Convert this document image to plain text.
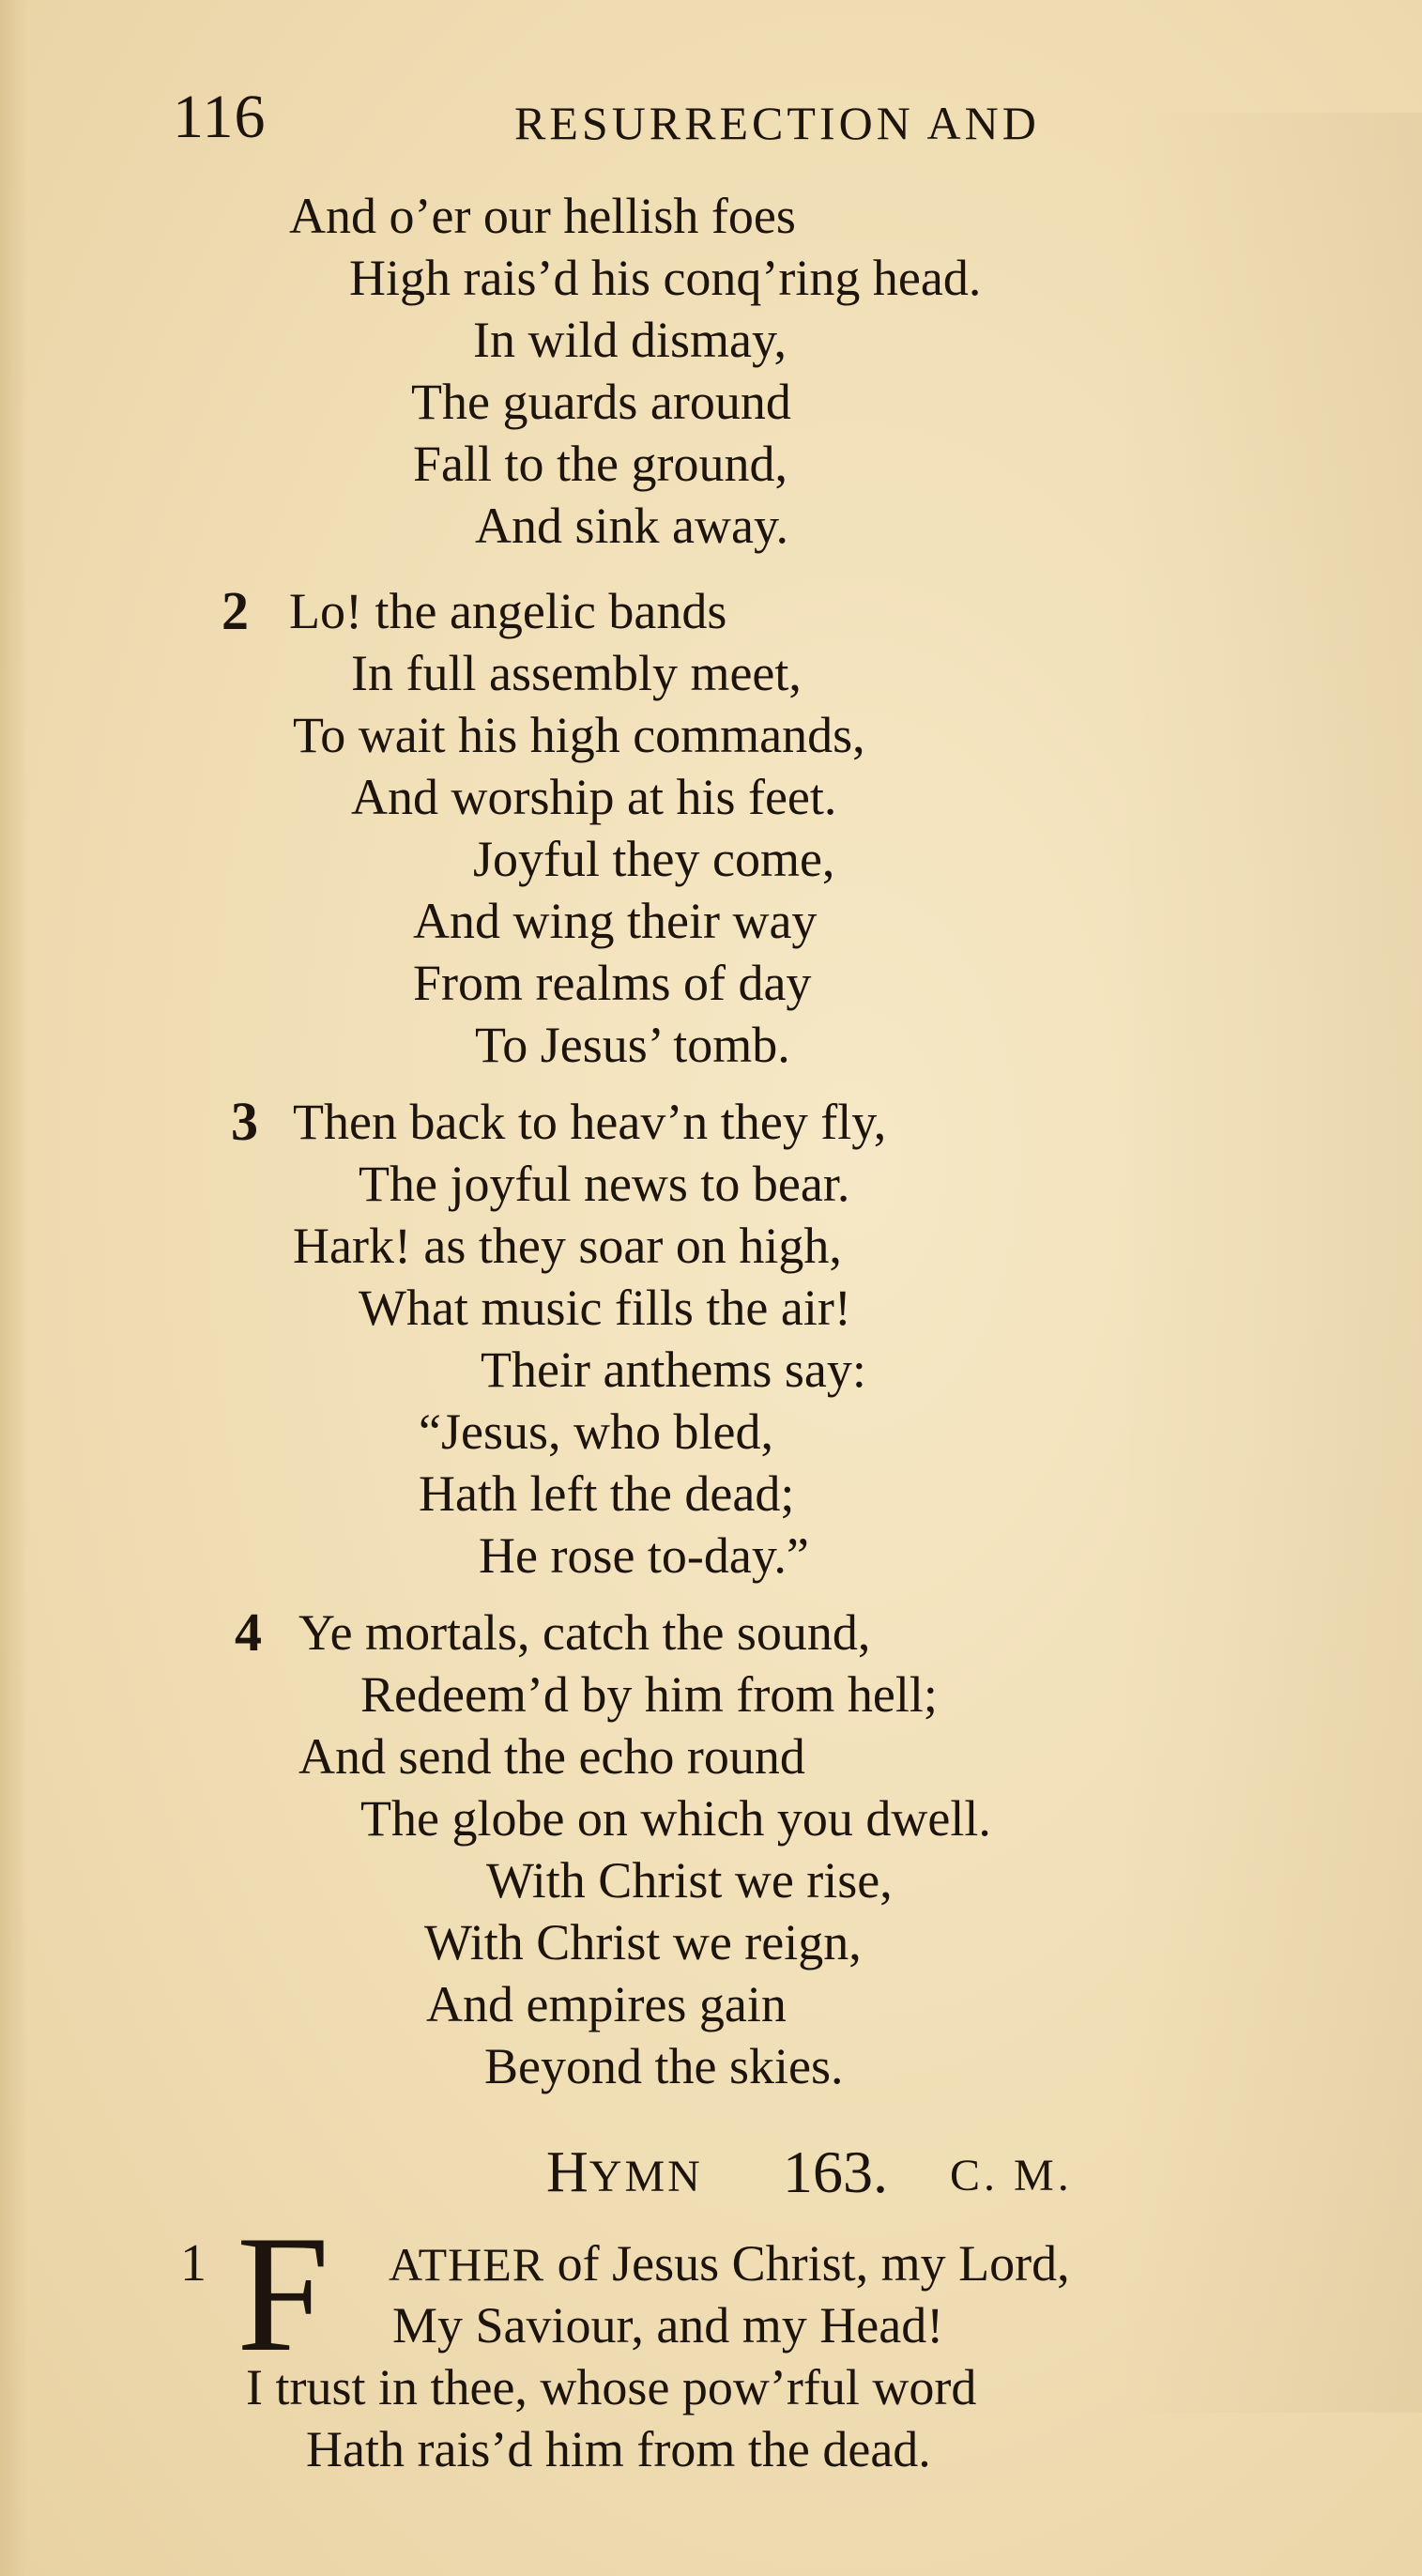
116	RESURRECTION AND
And o’er our hellish foes
High rais’d his conq’ring head.
In wild dismay,
The guards around
Fall to the ground,
And sink away.
2 Lo! the angelic bands
In full assembly meet,
To wait his high commands,
And worship at his feet.
Joyful they come,
And wing their way
From realms of day
To Jesus’ tomb.
3 Then back to heav’n they fly,
The joyful news to bear.
Hark! as they soar on high,
What music fills the air!
Their anthems say:
“Jesus, who bled,
Hath left the dead;
He rose to-day.”
4 Ye mortals, catch the sound,
Redeem’d by him from hell;
And send the echo round
The globe on which you dwell.
With Christ we rise,
With Christ we reign,
And empires gain
Beyond the skies.
HYMN 163. C. M.
1 F ATHER of Jesus Christ, my Lord,
My Saviour, and my Head!
I trust in thee, whose pow’rful word
Hath rais’d him from the dead.
